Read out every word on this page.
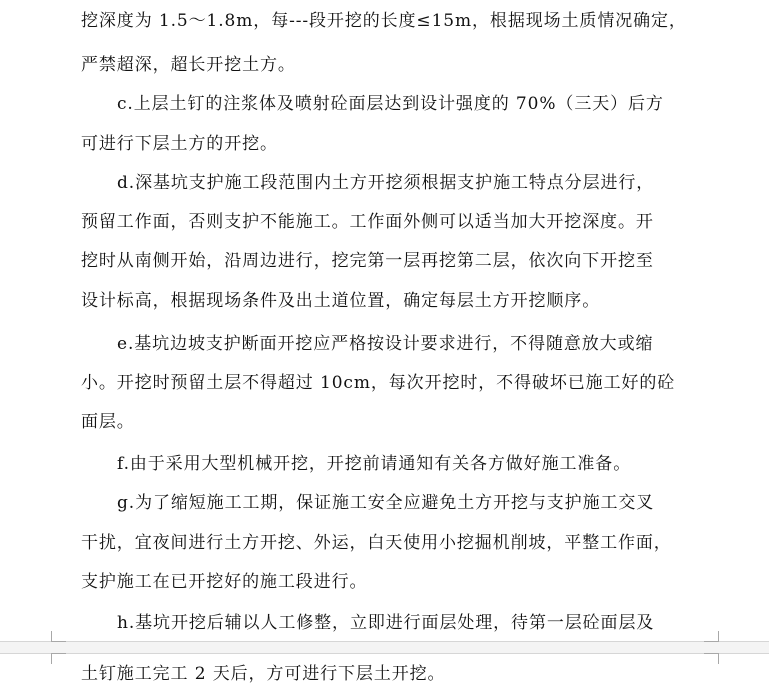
挖深度为 1.5～1.8m，每---段开挖的长度≤15m，根据现场土质情况确定，
严禁超深，超长开挖土方。
c.上层土钉的注浆体及喷射砼面层达到设计强度的 70%（三天）后方
可进行下层土方的开挖。
d.深基坑支护施工段范围内土方开挖须根据支护施工特点分层进行，
预留工作面，否则支护不能施工。工作面外侧可以适当加大开挖深度。开
挖时从南侧开始，沿周边进行，挖完第一层再挖第二层，依次向下开挖至
设计标高，根据现场条件及出土道位置，确定每层土方开挖顺序。
e.基坑边坡支护断面开挖应严格按设计要求进行，不得随意放大或缩
小。开挖时预留土层不得超过 10cm，每次开挖时，不得破坏已施工好的砼
面层。
f.由于采用大型机械开挖，开挖前请通知有关各方做好施工准备。
g.为了缩短施工工期，保证施工安全应避免土方开挖与支护施工交叉
干扰，宜夜间进行土方开挖、外运，白天使用小挖掘机削坡，平整工作面，
支护施工在已开挖好的施工段进行。
h.基坑开挖后辅以人工修整，立即进行面层处理，待第一层砼面层及
土钉施工完工 2 天后，方可进行下层土开挖。
